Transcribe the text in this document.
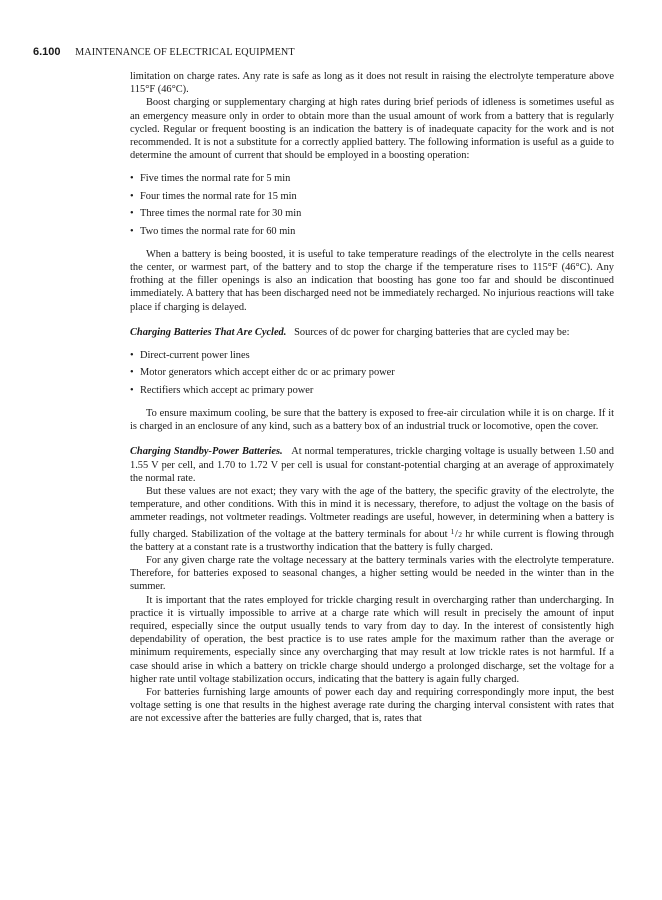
6.100 MAINTENANCE OF ELECTRICAL EQUIPMENT

limitation on charge rates. Any rate is safe as long as it does not result in raising the electrolyte temperature above 115°F (46°C).

Boost charging or supplementary charging at high rates during brief periods of idleness is sometimes useful as an emergency measure only in order to obtain more than the usual amount of work from a battery that is regularly cycled. Regular or frequent boosting is an indication the battery is of inadequate capacity for the work and is not recommended. It is not a substitute for a correctly applied battery. The following information is useful as a guide to determine the amount of current that should be employed in a boosting operation:

• Five times the normal rate for 5 min
• Four times the normal rate for 15 min
• Three times the normal rate for 30 min
• Two times the normal rate for 60 min

When a battery is being boosted, it is useful to take temperature readings of the electrolyte in the cells nearest the center, or warmest part, of the battery and to stop the charge if the temperature rises to 115°F (46°C). Any frothing at the filler openings is also an indication that boosting has gone too far and should be discontinued immediately. A battery that has been discharged need not be immediately recharged. No injurious reactions will take place if charging is delayed.

Charging Batteries That Are Cycled. Sources of dc power for charging batteries that are cycled may be:

• Direct-current power lines
• Motor generators which accept either dc or ac primary power
• Rectifiers which accept ac primary power

To ensure maximum cooling, be sure that the battery is exposed to free-air circulation while it is on charge. If it is charged in an enclosure of any kind, such as a battery box of an industrial truck or locomotive, open the cover.

Charging Standby-Power Batteries. At normal temperatures, trickle charging voltage is usually between 1.50 and 1.55 V per cell, and 1.70 to 1.72 V per cell is usual for constant-potential charging at an average of approximately the normal rate.

But these values are not exact; they vary with the age of the battery, the specific gravity of the electrolyte, the temperature, and other conditions. With this in mind it is necessary, therefore, to adjust the voltage on the basis of ammeter readings, not voltmeter readings. Voltmeter readings are useful, however, in determining when a battery is fully charged. Stabilization of the voltage at the battery terminals for about $^1$/2 hr while current is flowing through the battery at a constant rate is a trustworthy indication that the battery is fully charged.

For any given charge rate the voltage necessary at the battery terminals varies with the electrolyte temperature. Therefore, for batteries exposed to seasonal changes, a higher setting would be needed in the winter than in the summer.

It is important that the rates employed for trickle charging result in overcharging rather than undercharging. In practice it is virtually impossible to arrive at a charge rate which will result in precisely the amount of input required, especially since the output usually tends to vary from day to day. In the interest of consistently high dependability of operation, the best practice is to use rates ample for the maximum rather than the average or minimum requirements, especially since any overcharging that may result at low trickle rates is not harmful. If a case should arise in which a battery on trickle charge should undergo a prolonged discharge, set the voltage for a higher rate until voltage stabilization occurs, indicating that the battery is again fully charged.

For batteries furnishing large amounts of power each day and requiring correspondingly more input, the best voltage setting is one that results in the highest average rate during the charging interval consistent with rates that are not excessive after the batteries are fully charged, that is, rates that
